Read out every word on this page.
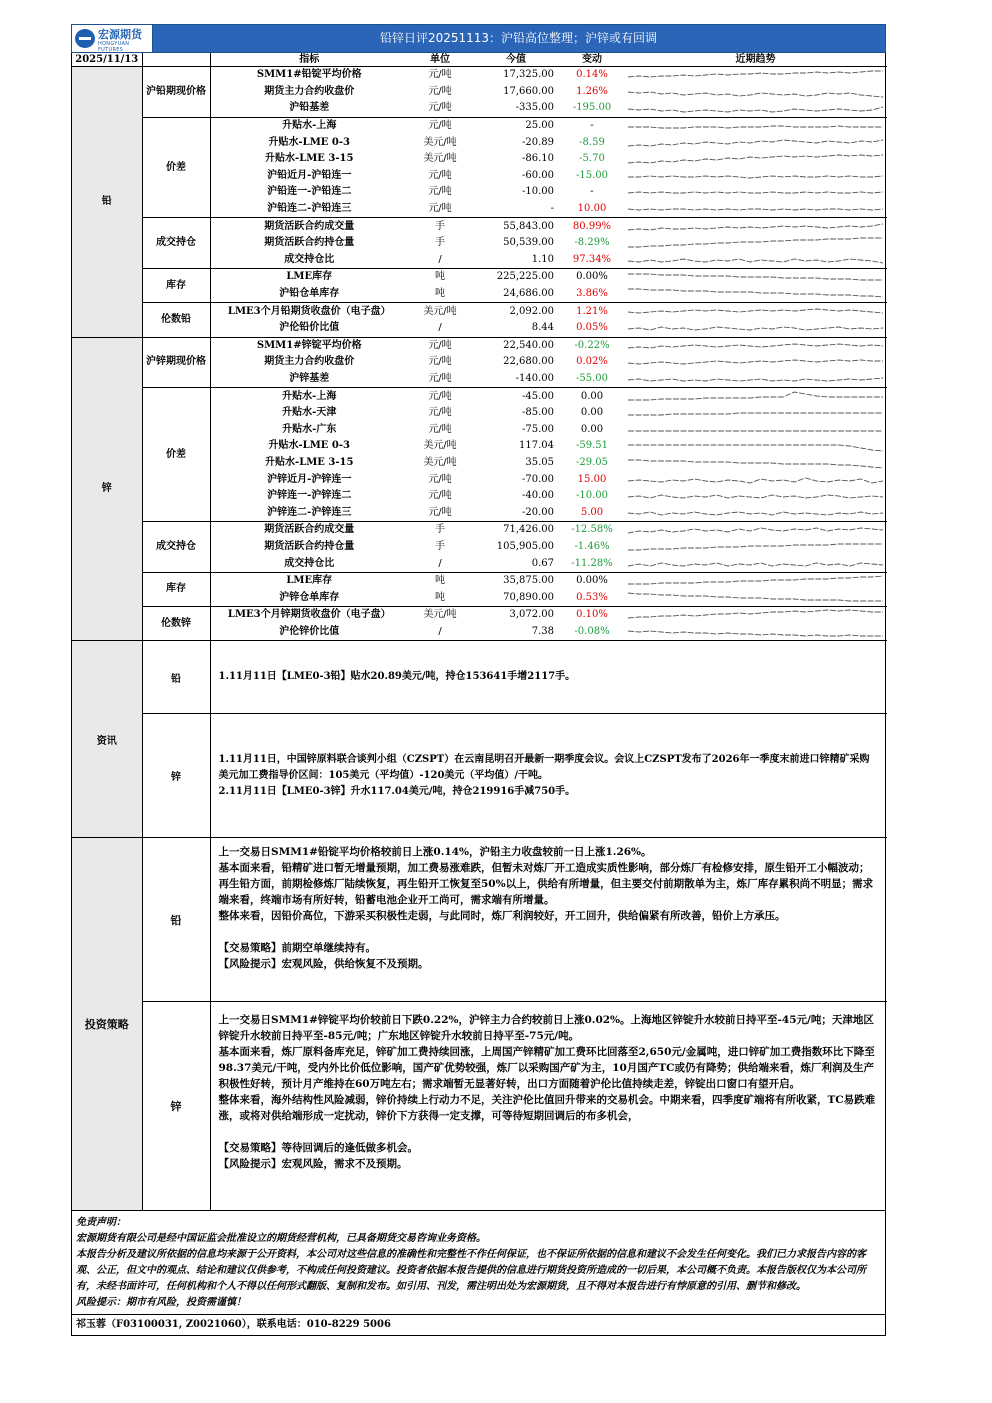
宏源期货
HONGYUAN FUTURES
铅锌日评20251113：沪铅高位整理；沪锌或有回调
2025/11/13		指标	单位	今值	变动	近期趋势
铅	沪铅期现价格	SMM1#铅锭平均价格	元/吨	17,325.00	0.14%	

		期货主力合约收盘价	元/吨	17,660.00	1.26%	

		沪铅基差	元/吨	-335.00	-195.00	

	价差	升贴水-上海	元/吨	25.00	-	

		升贴水-LME 0-3	美元/吨	-20.89	-8.59	

		升贴水-LME 3-15	美元/吨	-86.10	-5.70	

		沪铅近月-沪铅连一	元/吨	-60.00	-15.00	

		沪铅连一-沪铅连二	元/吨	-10.00	-	

		沪铅连二-沪铅连三	元/吨	-	10.00	

	成交持仓	期货活跃合约成交量	手	55,843.00	80.99%	

		期货活跃合约持仓量	手	50,539.00	-8.29%	

		成交持仓比	/	1.10	97.34%	

	库存	LME库存	吨	225,225.00	0.00%	

		沪铅仓单库存	吨	24,686.00	3.86%	

	伦数铅	LME3个月铅期货收盘价（电子盘）	美元/吨	2,092.00	1.21%	

		沪伦铅价比值	/	8.44	0.05%	

锌	沪锌期现价格	SMM1#锌锭平均价格	元/吨	22,540.00	-0.22%	

		期货主力合约收盘价	元/吨	22,680.00	0.02%	

		沪锌基差	元/吨	-140.00	-55.00	

	价差	升贴水-上海	元/吨	-45.00	0.00	

		升贴水-天津	元/吨	-85.00	0.00	

		升贴水-广东	元/吨	-75.00	0.00	

		升贴水-LME 0-3	美元/吨	117.04	-59.51	

		升贴水-LME 3-15	美元/吨	35.05	-29.05	

		沪锌近月-沪锌连一	元/吨	-70.00	15.00	

		沪锌连一-沪锌连二	元/吨	-40.00	-10.00	

		沪锌连二-沪锌连三	元/吨	-20.00	5.00	

	成交持仓	期货活跃合约成交量	手	71,426.00	-12.58%	

		期货活跃合约持仓量	手	105,905.00	-1.46%	

		成交持仓比	/	0.67	-11.28%	

	库存	LME库存	吨	35,875.00	0.00%	

		沪锌仓单库存	吨	70,890.00	0.53%	

	伦数锌	LME3个月锌期货收盘价（电子盘）	美元/吨	3,072.00	0.10%	

		沪伦锌价比值	/	7.38	-0.08%	
资讯	铅	1.11月11日【LME0-3铅】贴水20.89美元/吨，持仓153641手增2117手。

	锌	1.11月11日，中国锌原料联合谈判小组（CZSPT）在云南昆明召开最新一期季度会议。会议上CZSPT发布了2026年一季度末前进口锌精矿采购美元加工费指导价区间：105美元（平均值）-120美元（平均值）/干吨。

2.11月11日【LME0-3锌】升水117.04美元/吨，持仓219916手减750手。

投资策略	铅	上一交易日SMM1#铅锭平均价格较前日上涨0.14%，沪铅主力收盘较前一日上涨1.26%。

基本面来看，铅精矿进口暂无增量预期，加工费易涨难跌，但暂未对炼厂开工造成实质性影响，部分炼厂有检修安排，原生铅开工小幅波动；再生铅方面，前期检修炼厂陆续恢复，再生铅开工恢复至50%以上，供给有所增量，但主要交付前期散单为主，炼厂库存累积尚不明显；需求端来看，终端市场有所好转，铅蓄电池企业开工尚可，需求端有所增量。

整体来看，因铅价高位，下游采买积极性走弱，与此同时，炼厂利润较好，开工回升，供给偏紧有所改善，铅价上方承压。

【交易策略】前期空单继续持有。

【风险提示】宏观风险，供给恢复不及预期。

	锌	上一交易日SMM1#锌锭平均价较前日下跌0.22%，沪锌主力合约较前日上涨0.02%。上海地区锌锭升水较前日持平至-45元/吨；天津地区锌锭升水较前日持平至-85元/吨；广东地区锌锭升水较前日持平至-75元/吨。

基本面来看，炼厂原料备库充足，锌矿加工费持续回涨，上周国产锌精矿加工费环比回落至2,650元/金属吨，进口锌矿加工费指数环比下降至98.37美元/干吨，受内外比价低位影响，国产矿优势较强，炼厂以采购国产矿为主，10月国产TC或仍有降势；供给端来看，炼厂利润及生产积极性好转，预计月产维持在60万吨左右；需求端暂无显著好转，出口方面随着沪伦比值持续走差，锌锭出口窗口有望开启。

整体来看，海外结构性风险减弱，锌价持续上行动力不足，关注沪伦比值回升带来的交易机会。中期来看，四季度矿端将有所收紧，TC易跌难涨，或将对供给端形成一定扰动，锌价下方获得一定支撑，可等待短期回调后的布多机会，

【交易策略】等待回调后的逢低做多机会。

【风险提示】宏观风险，需求不及预期。

免责声明：

宏源期货有限公司是经中国证监会批准设立的期货经营机构，已具备期货交易咨询业务资格。

本报告分析及建议所依据的信息均来源于公开资料，本公司对这些信息的准确性和完整性不作任何保证，也不保证所依据的信息和建议不会发生任何变化。我们已力求报告内容的客观、公正，但文中的观点、结论和建议仅供参考，不构成任何投资建议。投资者依据本报告提供的信息进行期货投资所造成的一切后果，本公司概不负责。本报告版权仅为本公司所有，未经书面许可，任何机构和个人不得以任何形式翻版、复制和发布。如引用、刊发，需注明出处为宏源期货，且不得对本报告进行有悖原意的引用、删节和修改。

风险提示：期市有风险，投资需谨慎！

祁玉蓉（F03100031, Z0021060），联系电话：010-8229 5006
